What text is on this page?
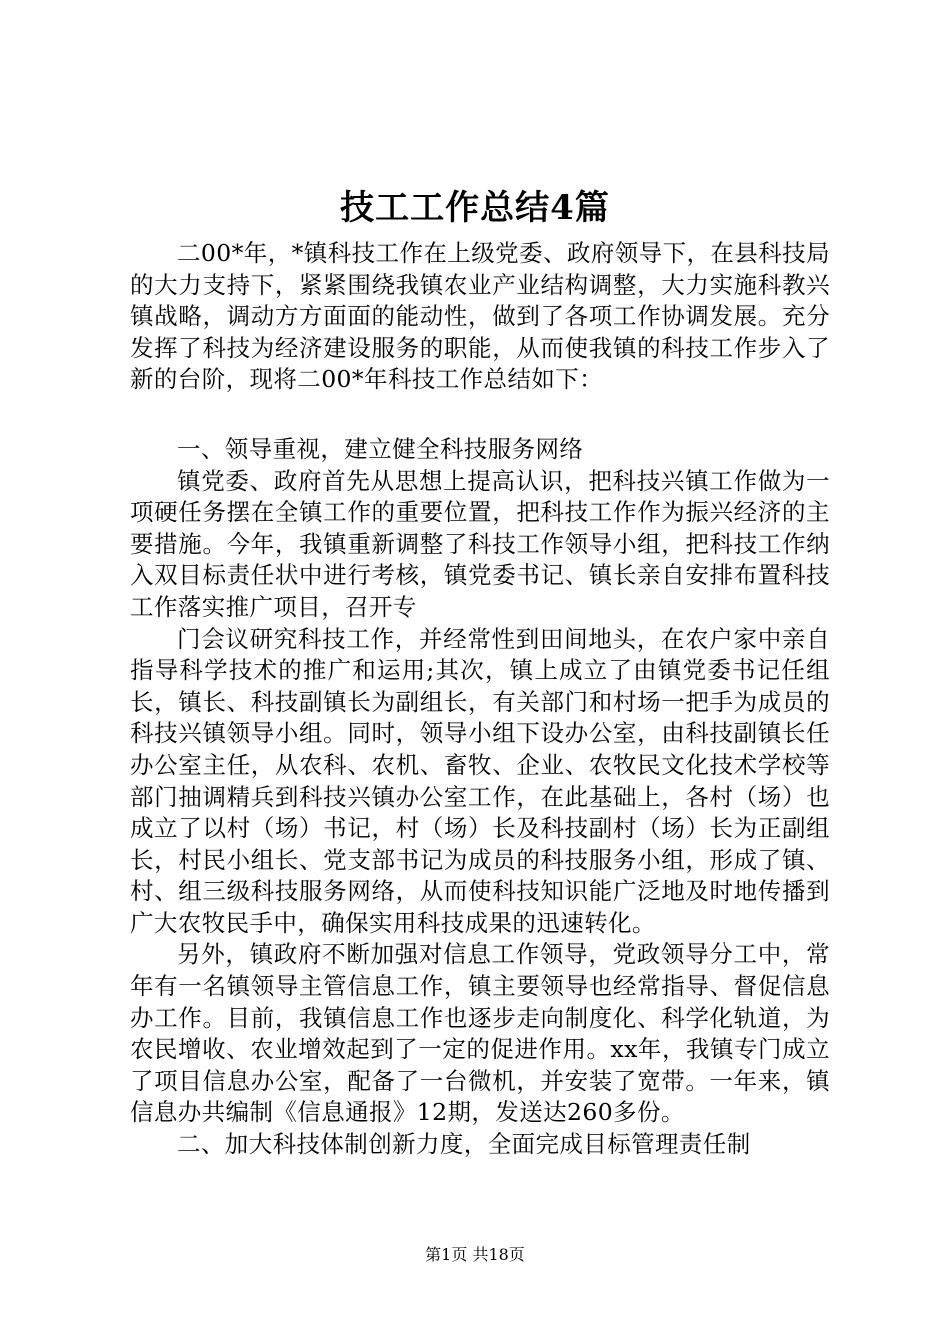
技工工作总结4篇

二00*年，*镇科技工作在上级党委、政府领导下，在县科技局的大力支持下，紧紧围绕我镇农业产业结构调整，大力实施科教兴镇战略，调动方方面面的能动性，做到了各项工作协调发展。充分发挥了科技为经济建设服务的职能，从而使我镇的科技工作步入了新的台阶，现将二00*年科技工作总结如下：

一、领导重视，建立健全科技服务网络

镇党委、政府首先从思想上提高认识，把科技兴镇工作做为一项硬任务摆在全镇工作的重要位置，把科技工作作为振兴经济的主要措施。今年，我镇重新调整了科技工作领导小组，把科技工作纳入双目标责任状中进行考核，镇党委书记、镇长亲自安排布置科技工作落实推广项目，召开专

门会议研究科技工作，并经常性到田间地头，在农户家中亲自指导科学技术的推广和运用;其次，镇上成立了由镇党委书记任组长，镇长、科技副镇长为副组长，有关部门和村场一把手为成员的科技兴镇领导小组。同时，领导小组下设办公室，由科技副镇长任办公室主任，从农科、农机、畜牧、企业、农牧民文化技术学校等部门抽调精兵到科技兴镇办公室工作，在此基础上，各村（场）也成立了以村（场）书记，村（场）长及科技副村（场）长为正副组长，村民小组长、党支部书记为成员的科技服务小组，形成了镇、村、组三级科技服务网络，从而使科技知识能广泛地及时地传播到广大农牧民手中，确保实用科技成果的迅速转化。

另外，镇政府不断加强对信息工作领导，党政领导分工中，常年有一名镇领导主管信息工作，镇主要领导也经常指导、督促信息办工作。目前，我镇信息工作也逐步走向制度化、科学化轨道，为农民增收、农业增效起到了一定的促进作用。xx年，我镇专门成立了项目信息办公室，配备了一台微机，并安装了宽带。一年来，镇信息办共编制《信息通报》12期，发送达260多份。

二、加大科技体制创新力度，全面完成目标管理责任制

第1页 共18页
